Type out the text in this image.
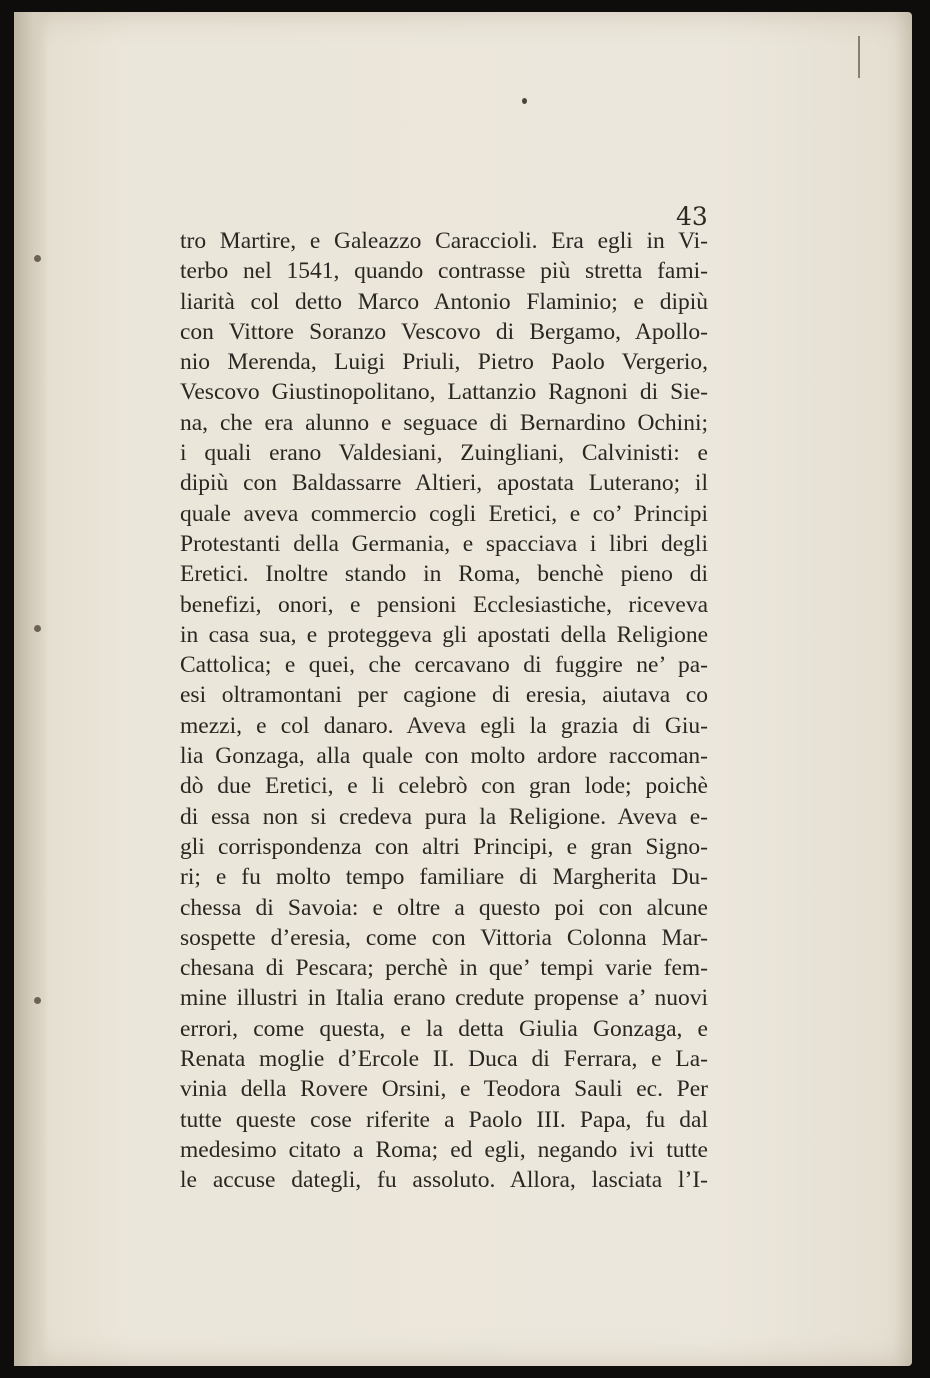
43

tro Martire, e Galeazzo Caraccioli. Era egli in Vi-
terbo nel 1541, quando contrasse più stretta fami-
liarità col detto Marco Antonio Flaminio; e dipiù
con Vittore Soranzo Vescovo di Bergamo, Apollo-
nio Merenda, Luigi Priuli, Pietro Paolo Vergerio,
Vescovo Giustinopolitano, Lattanzio Ragnoni di Sie-
na, che era alunno e seguace di Bernardino Ochini;
i quali erano Valdesiani, Zuingliani, Calvinisti: e
dipiù con Baldassarre Altieri, apostata Luterano; il
quale aveva commercio cogli Eretici, e co’ Principi
Protestanti della Germania, e spacciava i libri degli
Eretici. Inoltre stando in Roma, benchè pieno di
benefizi, onori, e pensioni Ecclesiastiche, riceveva
in casa sua, e proteggeva gli apostati della Religione
Cattolica; e quei, che cercavano di fuggire ne’ pa-
esi oltramontani per cagione di eresia, aiutava co
mezzi, e col danaro. Aveva egli la grazia di Giu-
lia Gonzaga, alla quale con molto ardore raccoman-
dò due Eretici, e li celebrò con gran lode; poichè
di essa non si credeva pura la Religione. Aveva e-
gli corrispondenza con altri Principi, e gran Signo-
ri; e fu molto tempo familiare di Margherita Du-
chessa di Savoia: e oltre a questo poi con alcune
sospette d’eresia, come con Vittoria Colonna Mar-
chesana di Pescara; perchè in que’ tempi varie fem-
mine illustri in Italia erano credute propense a’ nuovi
errori, come questa, e la detta Giulia Gonzaga, e
Renata moglie d’Ercole II. Duca di Ferrara, e La-
vinia della Rovere Orsini, e Teodora Sauli ec. Per
tutte queste cose riferite a Paolo III. Papa, fu dal
medesimo citato a Roma; ed egli, negando ivi tutte
le accuse dategli, fu assoluto. Allora, lasciata l’I-
